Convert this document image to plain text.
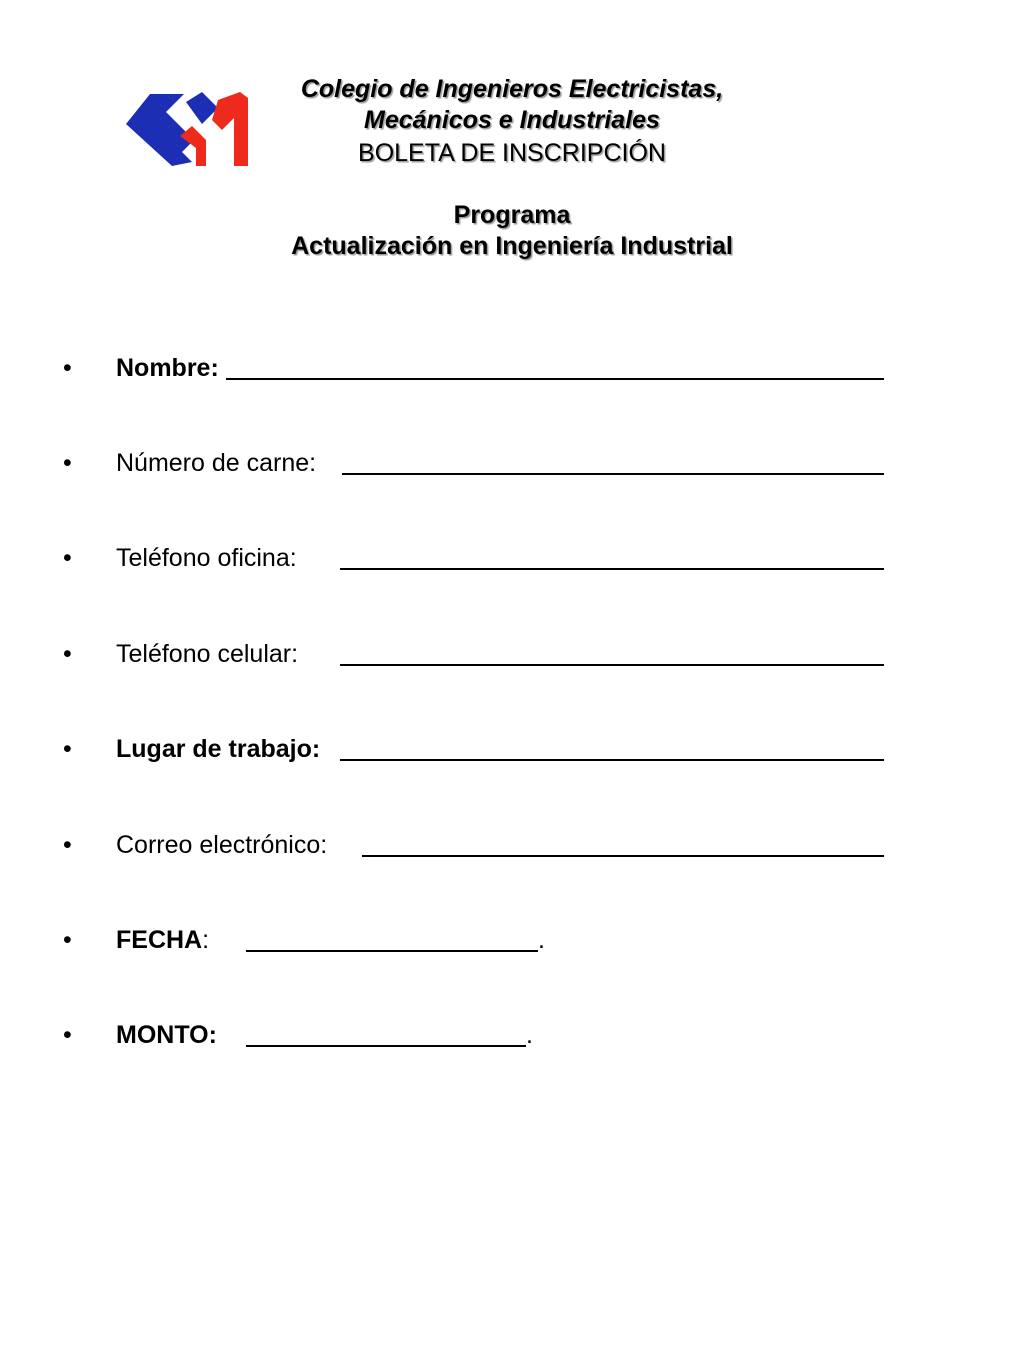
Colegio de Ingenieros Electricistas,
Mecánicos e Industriales
BOLETA DE INSCRIPCIÓN
Programa
Actualización en Ingeniería Industrial
• Nombre:
• Número de carne:
• Teléfono oficina:
• Teléfono celular:
• Lugar de trabajo:
• Correo electrónico:
• FECHA:	.
• MONTO:	.
